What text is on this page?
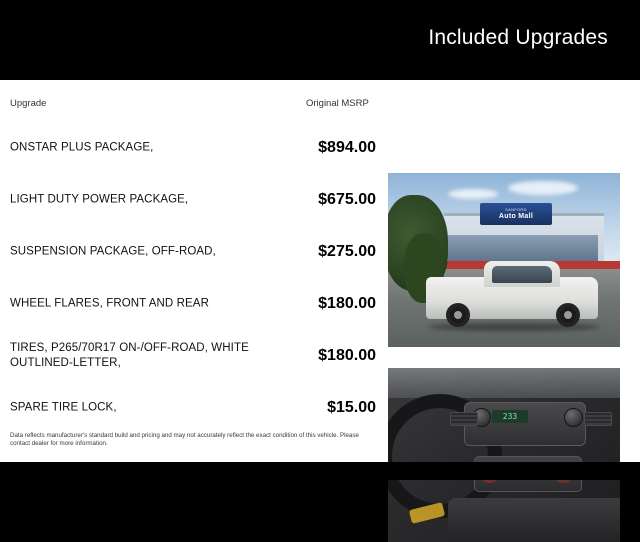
Included Upgrades
Upgrade	Original MSRP
ONSTAR PLUS PACKAGE,	$894.00
LIGHT DUTY POWER PACKAGE,	$675.00
SUSPENSION PACKAGE, OFF-ROAD,	$275.00
WHEEL FLARES, FRONT AND REAR	$180.00
TIRES, P265/70R17 ON-/OFF-ROAD, WHITE OUTLINED-LETTER,	$180.00
SPARE TIRE LOCK,	$15.00
Data reflects manufacturer's standard build and pricing and may not accurately reflect the exact condition of this vehicle. Please contact dealer for more information.
SANFORD
Auto Mall
233
